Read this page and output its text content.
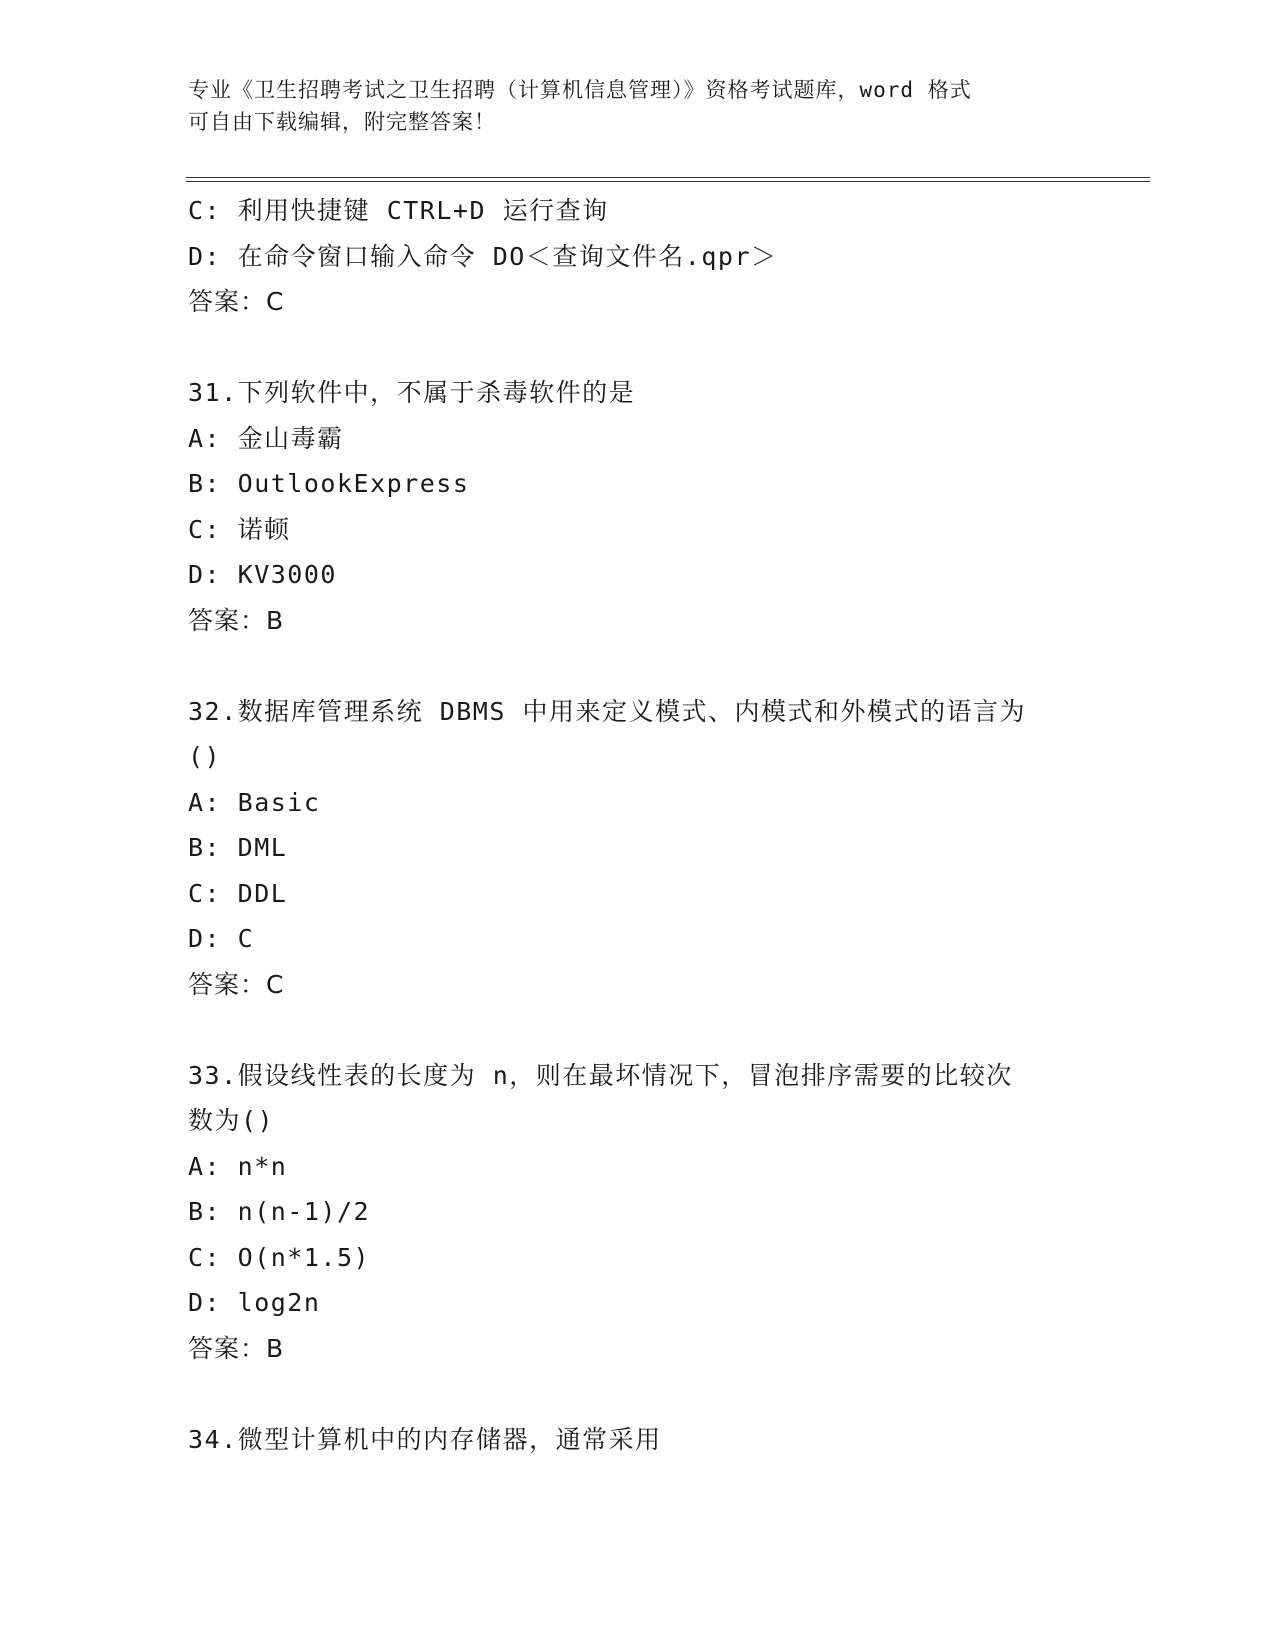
专业《卫生招聘考试之卫生招聘（计算机信息管理）》资格考试题库，word 格式
可自由下载编辑，附完整答案！
C: 利用快捷键 CTRL+D 运行查询
D: 在命令窗口输入命令 DO＜查询文件名.qpr＞
答案：C
31.下列软件中，不属于杀毒软件的是
A: 金山毒霸
B: OutlookExpress
C: 诺顿
D: KV3000
答案：B
32.数据库管理系统 DBMS 中用来定义模式、内模式和外模式的语言为
()
A: Basic
B: DML
C: DDL
D: C
答案：C
33.假设线性表的长度为 n，则在最坏情况下，冒泡排序需要的比较次
数为()
A: n*n
B: n(n-1)/2
C: O(n*1.5)
D: log2n
答案：B
34.微型计算机中的内存储器，通常采用
